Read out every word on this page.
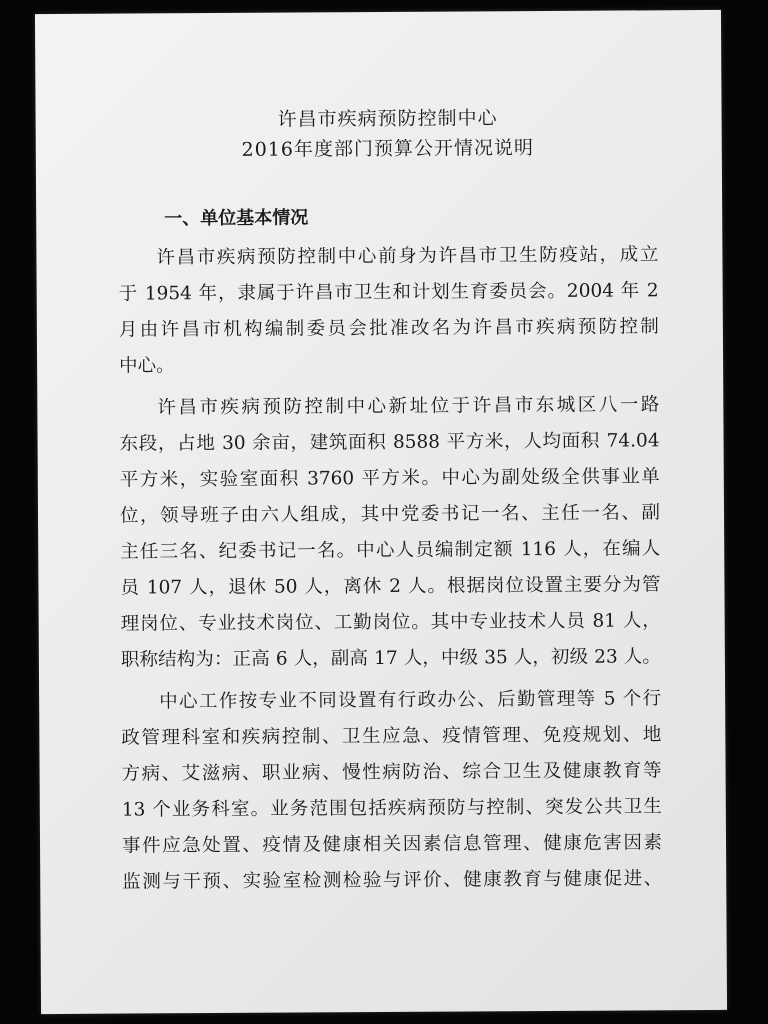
许昌市疾病预防控制中心
2016年度部门预算公开情况说明
一、单位基本情况

许昌市疾病预防控制中心前身为许昌市卫生防疫站，成立

于 1954 年，隶属于许昌市卫生和计划生育委员会。2004 年 2

月由许昌市机构编制委员会批准改名为许昌市疾病预防控制

中心。

许昌市疾病预防控制中心新址位于许昌市东城区八一路

东段，占地 30 余亩，建筑面积 8588 平方米，人均面积 74.04

平方米，实验室面积 3760 平方米。中心为副处级全供事业单

位，领导班子由六人组成，其中党委书记一名、主任一名、副

主任三名、纪委书记一名。中心人员编制定额 116 人，在编人

员 107 人，退休 50 人，离休 2 人。根据岗位设置主要分为管

理岗位、专业技术岗位、工勤岗位。其中专业技术人员 81 人，

职称结构为：正高 6 人，副高 17 人，中级 35 人，初级 23 人。

中心工作按专业不同设置有行政办公、后勤管理等 5 个行

政管理科室和疾病控制、卫生应急、疫情管理、免疫规划、地

方病、艾滋病、职业病、慢性病防治、综合卫生及健康教育等

13 个业务科室。业务范围包括疾病预防与控制、突发公共卫生

事件应急处置、疫情及健康相关因素信息管理、健康危害因素

监测与干预、实验室检测检验与评价、健康教育与健康促进、
